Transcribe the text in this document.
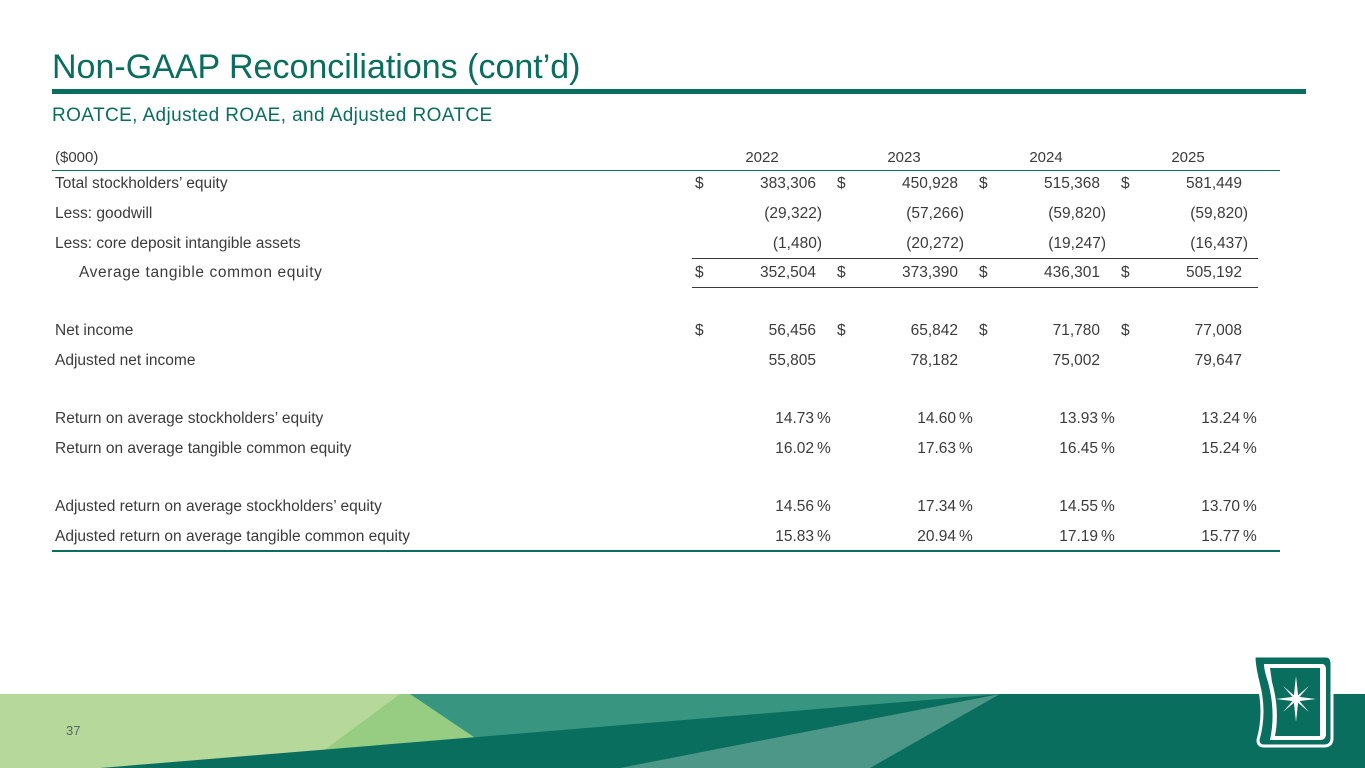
Non-GAAP Reconciliations (cont’d)
ROATCE, Adjusted ROAE, and Adjusted ROATCE
($000)	2022	2023	2024	2025
Total stockholders’ equity	$	383,306 $	450,928 $	515,368 $	581,449
Less: goodwill	(29,322)	(57,266)	(59,820)	(59,820)
Less: core deposit intangible assets	(1,480)	(20,272)	(19,247)	(16,437)
Average tangible common equity	$	352,504 $	373,390 $	436,301 $	505,192
Net income	$	56,456 $	65,842 $	71,780 $	77,008
Adjusted net income	55,805	78,182	75,002	79,647
Return on average stockholders’ equity	14.73 %	14.60 %	13.93 %	13.24 %
Return on average tangible common equity	16.02 %	17.63 %	16.45 %	15.24 %
Adjusted return on average stockholders’ equity	14.56 %	17.34 %	14.55 %	13.70 %
Adjusted return on average tangible common equity	15.83 %	20.94 %	17.19 %	15.77 %
37
